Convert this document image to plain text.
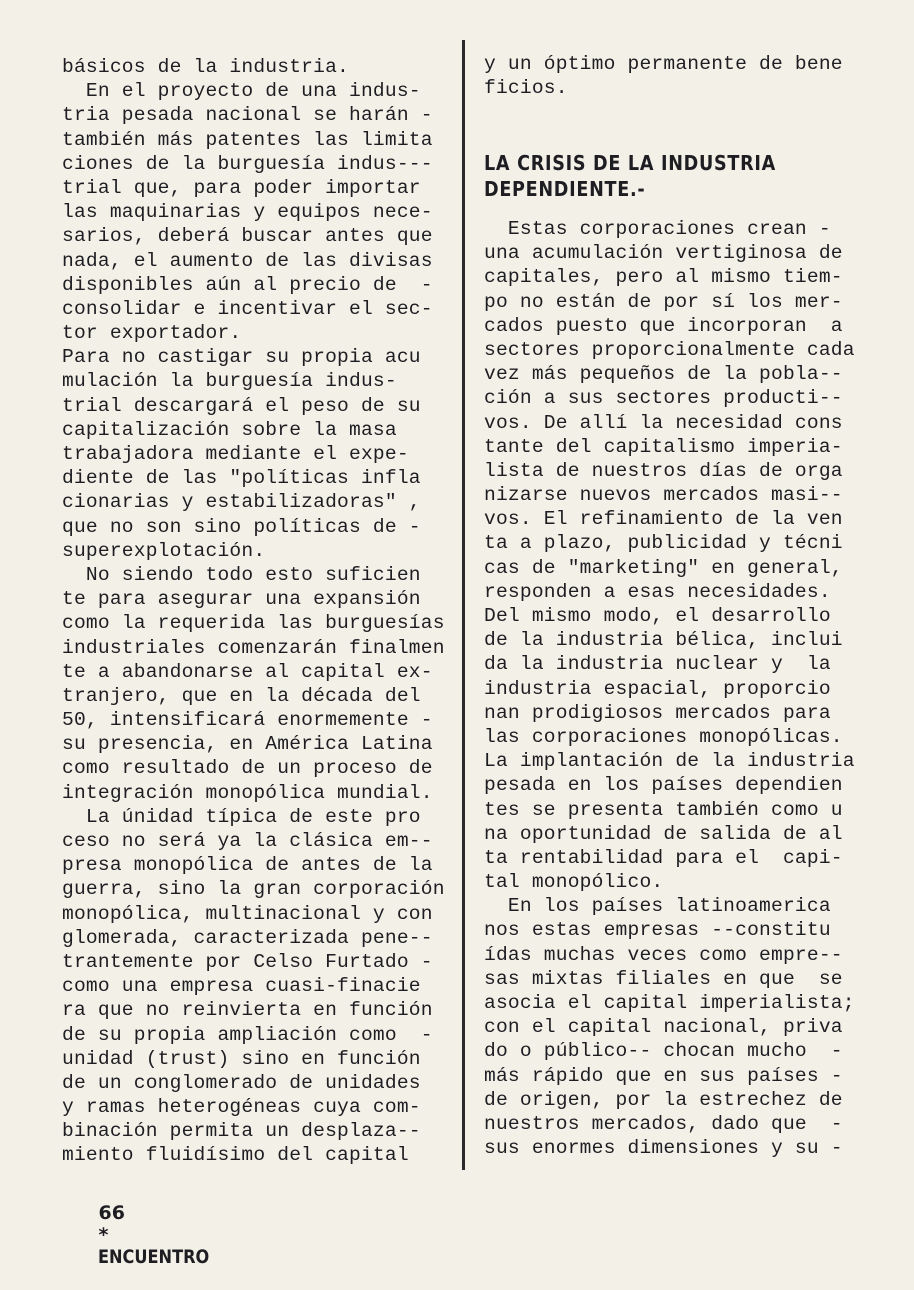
básicos de la industria.
En el proyecto de una indus-
tria pesada nacional se harán -
también más patentes las limita
ciones de la burguesía indus---
trial que, para poder importar
las maquinarias y equipos nece-
sarios, deberá buscar antes que
nada, el aumento de las divisas
disponibles aún al precio de  -
consolidar e incentivar el sec-
tor exportador.
Para no castigar su propia acu
mulación la burguesía indus-
trial descargará el peso de su
capitalización sobre la masa
trabajadora mediante el expe-
diente de las "políticas infla
cionarias y estabilizadoras" ,
que no son sino políticas de -
superexplotación.
No siendo todo esto suficien
te para asegurar una expansión
como la requerida las burguesías
industriales comenzarán finalmen
te a abandonarse al capital ex-
tranjero, que en la década del
50, intensificará enormemente -
su presencia, en América Latina
como resultado de un proceso de
integración monopólica mundial.
La únidad típica de este pro
ceso no será ya la clásica em--
presa monopólica de antes de la
guerra, sino la gran corporación
monopólica, multinacional y con
glomerada, caracterizada pene--
trantemente por Celso Furtado -
como una empresa cuasi-finacie
ra que no reinvierta en función
de su propia ampliación como  -
unidad (trust) sino en función
de un conglomerado de unidades
y ramas heterogéneas cuya com-
binación permita un desplaza--
miento fluidísimo del capital
y un óptimo permanente de bene
ficios.
LA CRISIS DE LA INDUSTRIA
DEPENDIENTE.-
Estas corporaciones crean -
una acumulación vertiginosa de
capitales, pero al mismo tiem-
po no están de por sí los mer-
cados puesto que incorporan  a
sectores proporcionalmente cada
vez más pequeños de la pobla--
ción a sus sectores producti--
vos. De allí la necesidad cons
tante del capitalismo imperia-
lista de nuestros días de orga
nizarse nuevos mercados masi--
vos. El refinamiento de la ven
ta a plazo, publicidad y técni
cas de "marketing" en general,
responden a esas necesidades.
Del mismo modo, el desarrollo
de la industria bélica, inclui
da la industria nuclear y  la
industria espacial, proporcio
nan prodigiosos mercados para
las corporaciones monopólicas.
La implantación de la industria
pesada en los países dependien
tes se presenta también como u
na oportunidad de salida de al
ta rentabilidad para el  capi-
tal monopólico.
En los países latinoamerica
nos estas empresas --constitu
ídas muchas veces como empre--
sas mixtas filiales en que  se
asocia el capital imperialista;
con el capital nacional, priva
do o público-- chocan mucho  -
más rápido que en sus países -
de origen, por la estrechez de
nuestros mercados, dado que  -
sus enormes dimensiones y su -

66
*
ENCUENTRO
